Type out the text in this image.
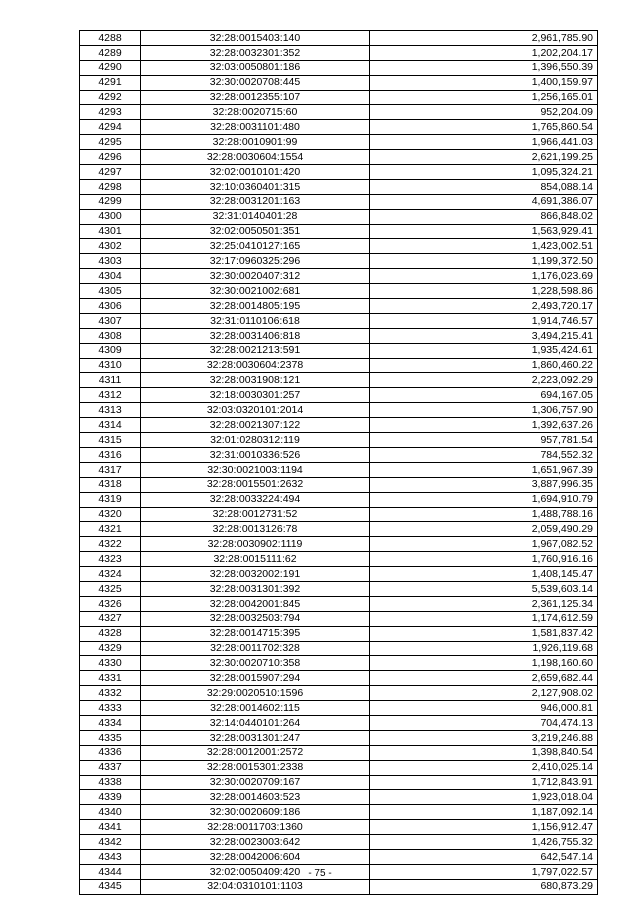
4288	32:28:0015403:140	2,961,785.90
4289	32:28:0032301:352	1,202,204.17
4290	32:03:0050801:186	1,396,550.39
4291	32:30:0020708:445	1,400,159.97
4292	32:28:0012355:107	1,256,165.01
4293	32:28:0020715:60	952,204.09
4294	32:28:0031101:480	1,765,860.54
4295	32:28:0010901:99	1,966,441.03
4296	32:28:0030604:1554	2,621,199.25
4297	32:02:0010101:420	1,095,324.21
4298	32:10:0360401:315	854,088.14
4299	32:28:0031201:163	4,691,386.07
4300	32:31:0140401:28	866,848.02
4301	32:02:0050501:351	1,563,929.41
4302	32:25:0410127:165	1,423,002.51
4303	32:17:0960325:296	1,199,372.50
4304	32:30:0020407:312	1,176,023.69
4305	32:30:0021002:681	1,228,598.86
4306	32:28:0014805:195	2,493,720.17
4307	32:31:0110106:618	1,914,746.57
4308	32:28:0031406:818	3,494,215.41
4309	32:28:0021213:591	1,935,424.61
4310	32:28:0030604:2378	1,860,460.22
4311	32:28:0031908:121	2,223,092.29
4312	32:18:0030301:257	694,167.05
4313	32:03:0320101:2014	1,306,757.90
4314	32:28:0021307:122	1,392,637.26
4315	32:01:0280312:119	957,781.54
4316	32:31:0010336:526	784,552.32
4317	32:30:0021003:1194	1,651,967.39
4318	32:28:0015501:2632	3,887,996.35
4319	32:28:0033224:494	1,694,910.79
4320	32:28:0012731:52	1,488,788.16
4321	32:28:0013126:78	2,059,490.29
4322	32:28:0030902:1119	1,967,082.52
4323	32:28:0015111:62	1,760,916.16
4324	32:28:0032002:191	1,408,145.47
4325	32:28:0031301:392	5,539,603.14
4326	32:28:0042001:845	2,361,125.34
4327	32:28:0032503:794	1,174,612.59
4328	32:28:0014715:395	1,581,837.42
4329	32:28:0011702:328	1,926,119.68
4330	32:30:0020710:358	1,198,160.60
4331	32:28:0015907:294	2,659,682.44
4332	32:29:0020510:1596	2,127,908.02
4333	32:28:0014602:115	946,000.81
4334	32:14:0440101:264	704,474.13
4335	32:28:0031301:247	3,219,246.88
4336	32:28:0012001:2572	1,398,840.54
4337	32:28:0015301:2338	2,410,025.14
4338	32:30:0020709:167	1,712,843.91
4339	32:28:0014603:523	1,923,018.04
4340	32:30:0020609:186	1,187,092.14
4341	32:28:0011703:1360	1,156,912.47
4342	32:28:0023003:642	1,426,755.32
4343	32:28:0042006:604	642,547.14
4344	32:02:0050409:420	1,797,022.57
4345	32:04:0310101:1103	680,873.29
- 75 -
